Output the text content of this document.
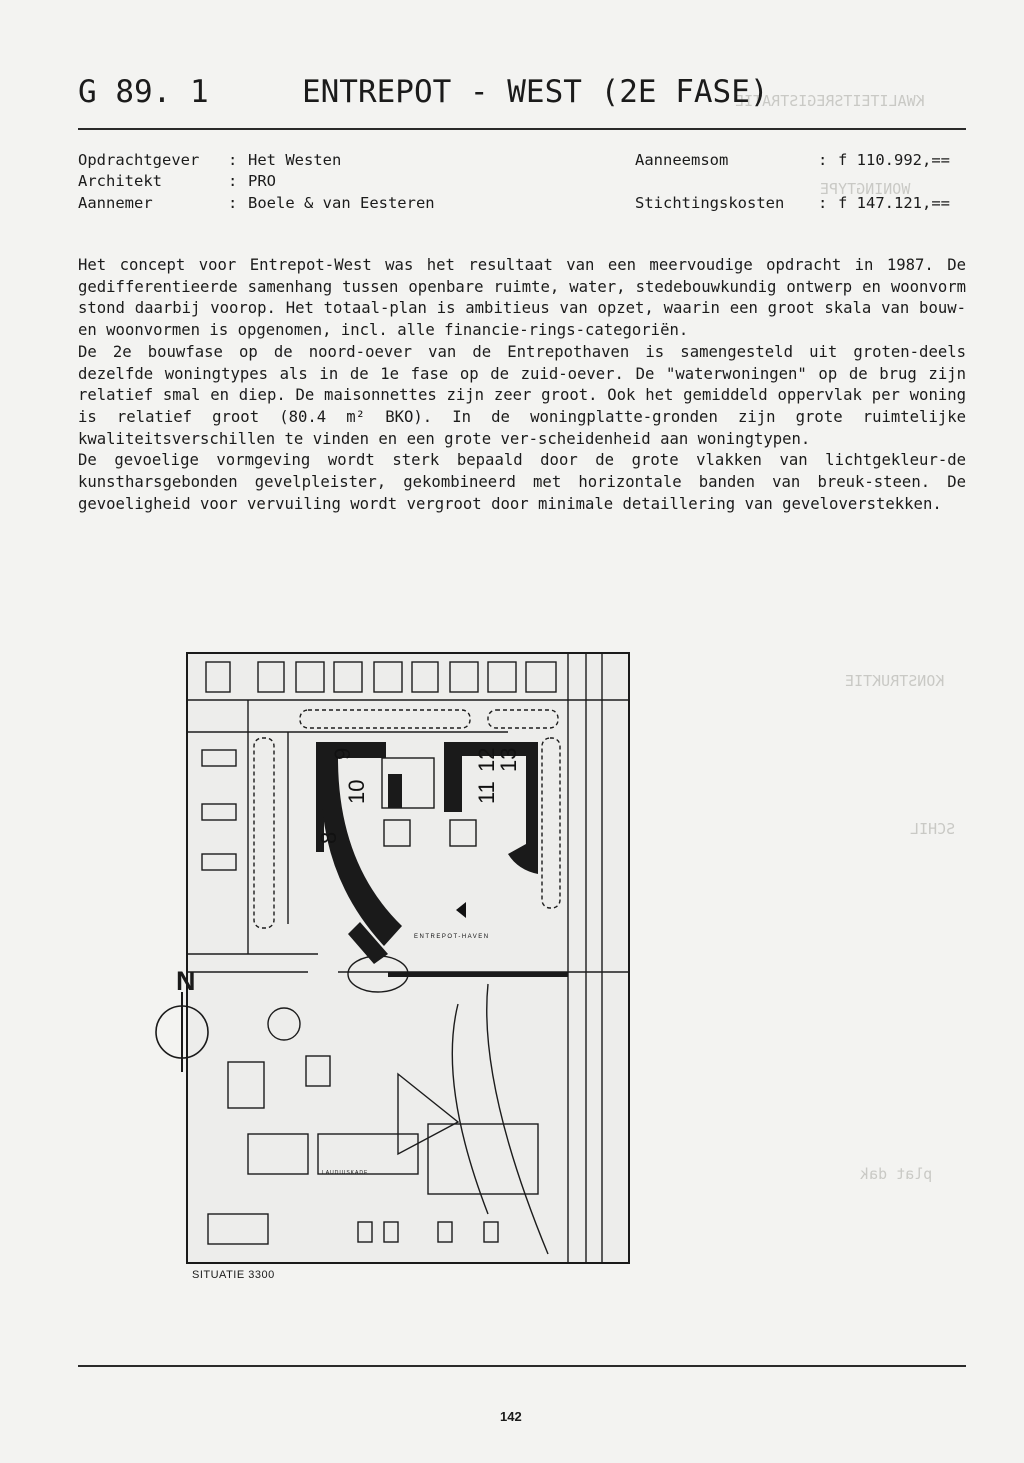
KWALITEITSREGISTRATIE
WONINGTYPE
KONSTRUKTIE
SCHIL
plat dak
G 89. 1     ENTREPOT - WEST (2E FASE)
Opdrachtgever : Het Westen
Architekt	: PRO
Aannemer	: Boele & van Eesteren
Aanneemsom	: f 110.992,==
Stichtingskosten : f 147.121,==

Het concept voor Entrepot-West was het resultaat van een meervoudige opdracht in 1987. De gedifferentieerde samenhang tussen openbare ruimte, water, stedebouwkundig ontwerp en woonvorm stond daarbij voorop. Het totaal-plan is ambitieus van opzet, waarin een groot skala van bouw- en woonvormen is opgenomen, incl. alle financie-rings-categoriën.

De 2e bouwfase op de noord-oever van de Entrepothaven is samengesteld uit groten-deels dezelfde woningtypes als in de 1e fase op de zuid-oever. De "waterwoningen" op de brug zijn relatief smal en diep. De maisonnettes zijn zeer groot. Ook het gemiddeld oppervlak per woning is relatief groot (80.4 m² BKO). In de woningplatte-gronden zijn grote ruimtelijke kwaliteitsverschillen te vinden en een grote ver-scheidenheid aan woningtypen.

De gevoelige vormgeving wordt sterk bepaald door de grote vlakken van lichtgekleur-de kunstharsgebonden gevelpleister, gekombineerd met horizontale banden van breuk-steen. De gevoeligheid voor vervuiling wordt vergroot door minimale detaillering van geveloverstekken.

8
10
9
11
12
13
ENTREPOT-HAVEN
LAUDIUSKADE
N
SITUATIE 3300
142
